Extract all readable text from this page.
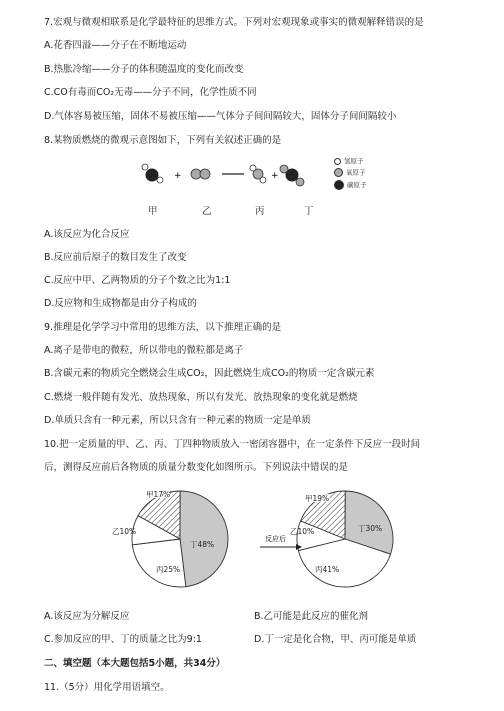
7.宏观与微观相联系是化学最特征的思维方式。下列对宏观现象或事实的微观解释错误的是
A.花香四溢——分子在不断地运动
B.热胀冷缩——分子的体积随温度的变化而改变
C.CO有毒而CO₂无毒——分子不同，化学性质不同
D.气体容易被压缩，固体不易被压缩——气体分子间间隔较大，固体分子间间隔较小
8.某物质燃烧的微观示意图如下，下列有关叙述正确的是
+	+
氢原子
氧原子
碳原子
甲	乙	丙	丁
A.该反应为化合反应
B.反应前后原子的数目发生了改变
C.反应中甲、乙两物质的分子个数之比为1:1
D.反应物和生成物都是由分子构成的
9.推理是化学学习中常用的思维方法，以下推理正确的是
A.离子是带电的微粒，所以带电的微粒都是离子
B.含碳元素的物质完全燃烧会生成CO₂，因此燃烧生成CO₂的物质一定含碳元素
C.燃烧一般伴随有发光、放热现象，所以有发光、放热现象的变化就是燃烧
D.单质只含有一种元素，所以只含有一种元素的物质一定是单质
10.把一定质量的甲、乙、丙、丁四种物质放入一密闭容器中，在一定条件下反应一段时间
后，测得反应前后各物质的质量分数变化如图所示。下列说法中错误的是
甲17%
乙10%
丙25%
丁48%
甲19%
乙10%
丙41%
丁30%
反应后
A.该反应为分解反应	B.乙可能是此反应的催化剂
C.参加反应的甲、丁的质量之比为9:1	D.丁一定是化合物，甲、丙可能是单质
二、填空题（本大题包括5小题，共34分）
11.（5分）用化学用语填空。
